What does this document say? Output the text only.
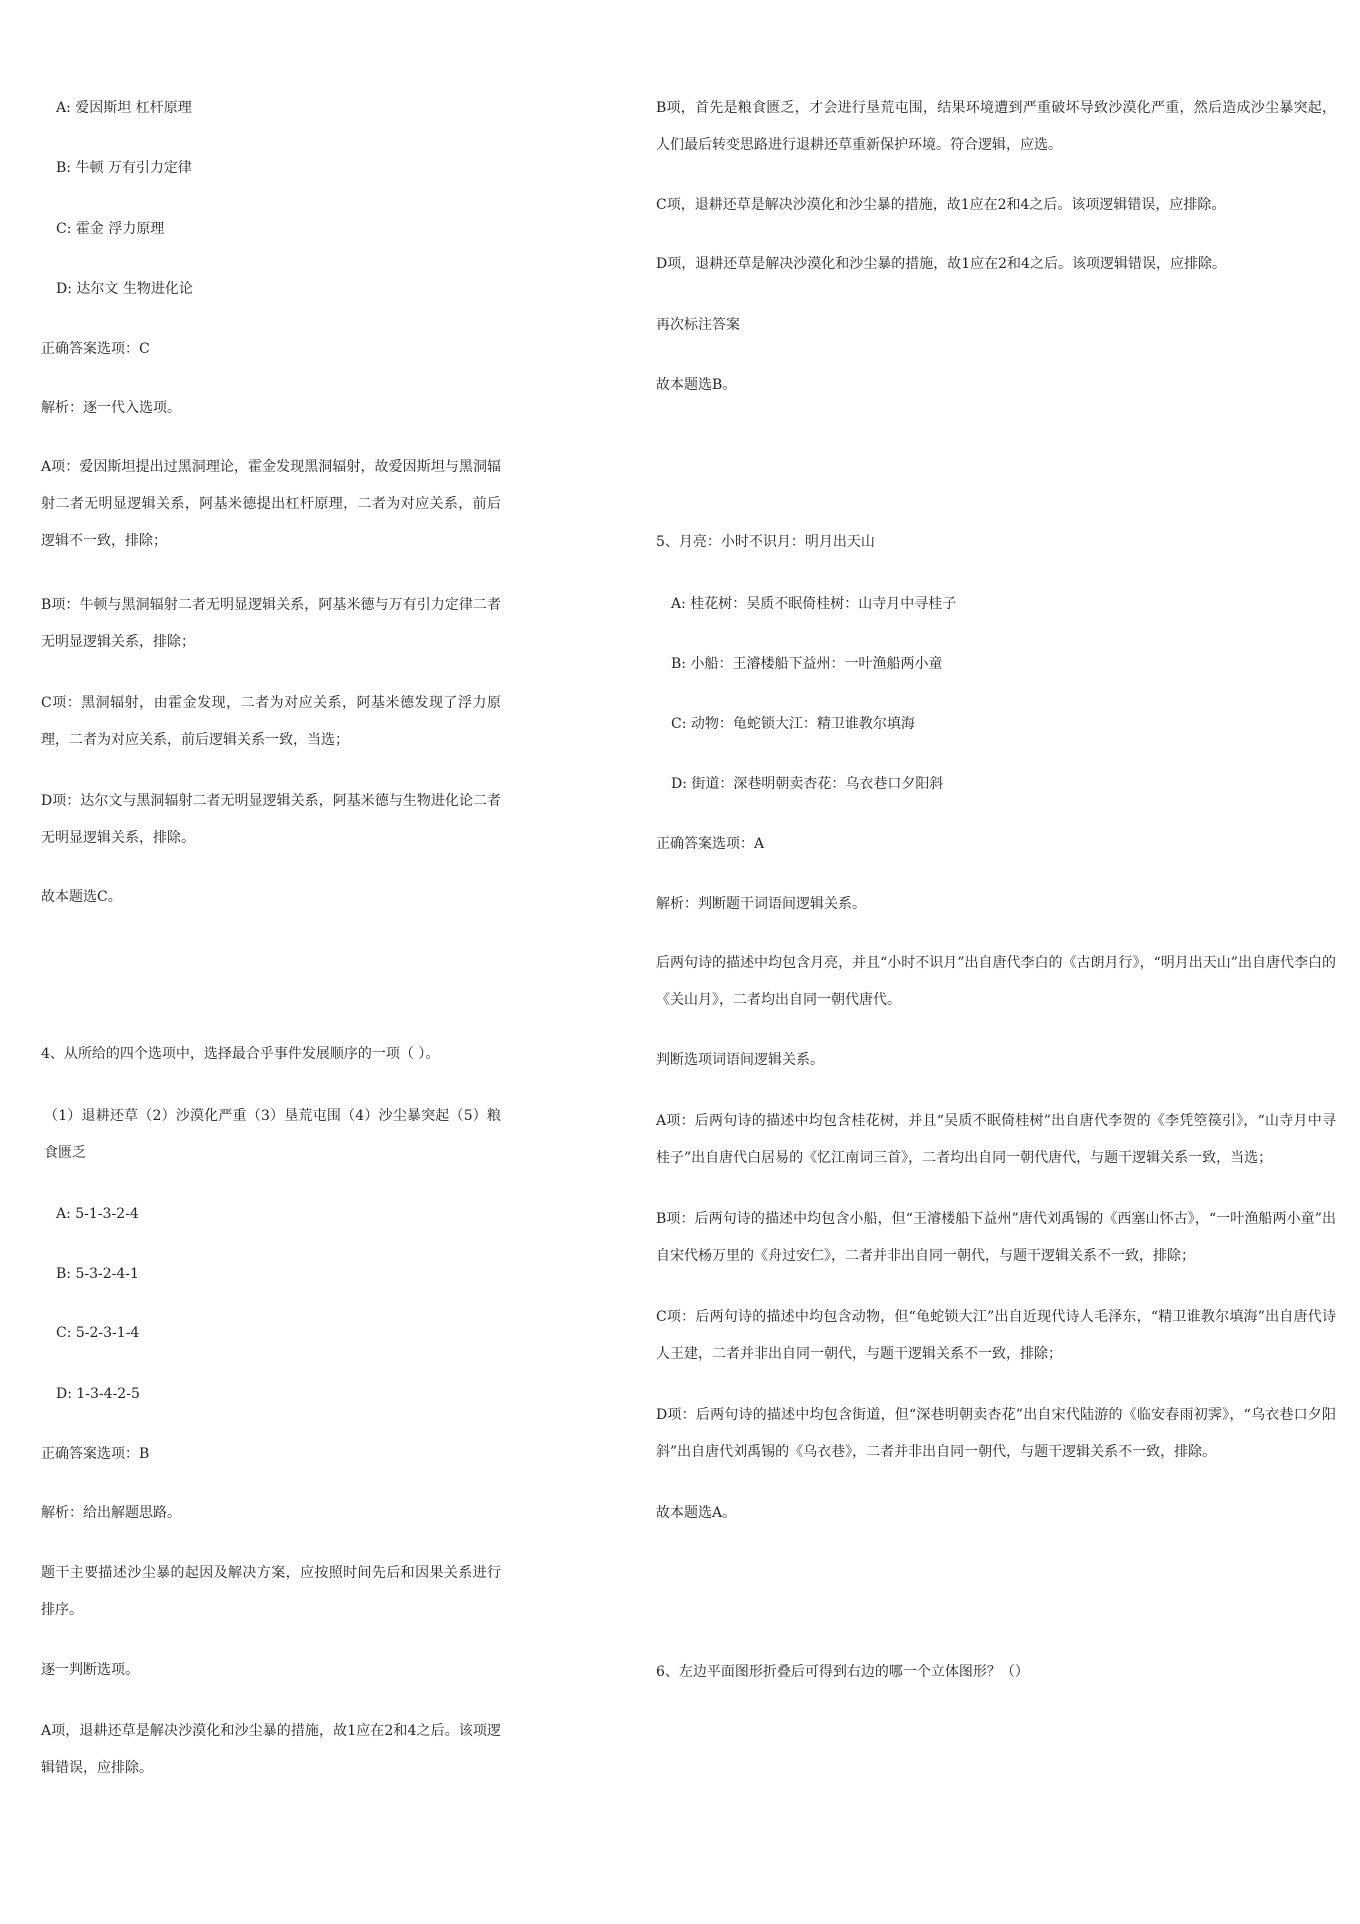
A: 爱因斯坦 杠杆原理

B: 牛顿 万有引力定律

C: 霍金 浮力原理

D: 达尔文 生物进化论

正确答案选项：C

解析：逐一代入选项。

A项：爱因斯坦提出过黑洞理论，霍金发现黑洞辐射，故爱因斯坦与黑洞辐射二者无明显逻辑关系，阿基米德提出杠杆原理，二者为对应关系，前后逻辑不一致，排除；

B项：牛顿与黑洞辐射二者无明显逻辑关系，阿基米德与万有引力定律二者无明显逻辑关系，排除；

C项：黑洞辐射，由霍金发现，二者为对应关系，阿基米德发现了浮力原理，二者为对应关系，前后逻辑关系一致，当选；

D项：达尔文与黑洞辐射二者无明显逻辑关系，阿基米德与生物进化论二者无明显逻辑关系，排除。

故本题选C。

4、从所给的四个选项中，选择最合乎事件发展顺序的一项（ ）。

（1）退耕还草（2）沙漠化严重（3）垦荒屯围（4）沙尘暴突起（5）粮食匮乏

A: 5-1-3-2-4

B: 5-3-2-4-1

C: 5-2-3-1-4

D: 1-3-4-2-5

正确答案选项：B

解析：给出解题思路。

题干主要描述沙尘暴的起因及解决方案，应按照时间先后和因果关系进行排序。

逐一判断选项。

A项，退耕还草是解决沙漠化和沙尘暴的措施，故1应在2和4之后。该项逻辑错误，应排除。

B项，首先是粮食匮乏，才会进行垦荒屯围，结果环境遭到严重破坏导致沙漠化严重，然后造成沙尘暴突起，人们最后转变思路进行退耕还草重新保护环境。符合逻辑，应选。

C项，退耕还草是解决沙漠化和沙尘暴的措施，故1应在2和4之后。该项逻辑错误，应排除。

D项，退耕还草是解决沙漠化和沙尘暴的措施，故1应在2和4之后。该项逻辑错误，应排除。

再次标注答案

故本题选B。

5、月亮：小时不识月：明月出天山

A: 桂花树：吴质不眠倚桂树：山寺月中寻桂子

B: 小船：王濬楼船下益州：一叶渔船两小童

C: 动物：龟蛇锁大江：精卫谁教尔填海

D: 街道：深巷明朝卖杏花：乌衣巷口夕阳斜

正确答案选项：A

解析：判断题干词语间逻辑关系。

后两句诗的描述中均包含月亮，并且“小时不识月”出自唐代李白的《古朗月行》，“明月出天山”出自唐代李白的《关山月》，二者均出自同一朝代唐代。

判断选项词语间逻辑关系。

A项：后两句诗的描述中均包含桂花树，并且“吴质不眠倚桂树”出自唐代李贺的《李凭箜篌引》，“山寺月中寻桂子”出自唐代白居易的《忆江南词三首》，二者均出自同一朝代唐代，与题干逻辑关系一致，当选；

B项：后两句诗的描述中均包含小船，但“王濬楼船下益州”唐代刘禹锡的《西塞山怀古》，“一叶渔船两小童”出自宋代杨万里的《舟过安仁》，二者并非出自同一朝代，与题干逻辑关系不一致，排除；

C项：后两句诗的描述中均包含动物，但“龟蛇锁大江”出自近现代诗人毛泽东，“精卫谁教尔填海”出自唐代诗人王建，二者并非出自同一朝代，与题干逻辑关系不一致，排除；

D项：后两句诗的描述中均包含街道，但“深巷明朝卖杏花”出自宋代陆游的《临安春雨初霁》，“乌衣巷口夕阳斜”出自唐代刘禹锡的《乌衣巷》，二者并非出自同一朝代，与题干逻辑关系不一致，排除。

故本题选A。

6、左边平面图形折叠后可得到右边的哪一个立体图形？（）
